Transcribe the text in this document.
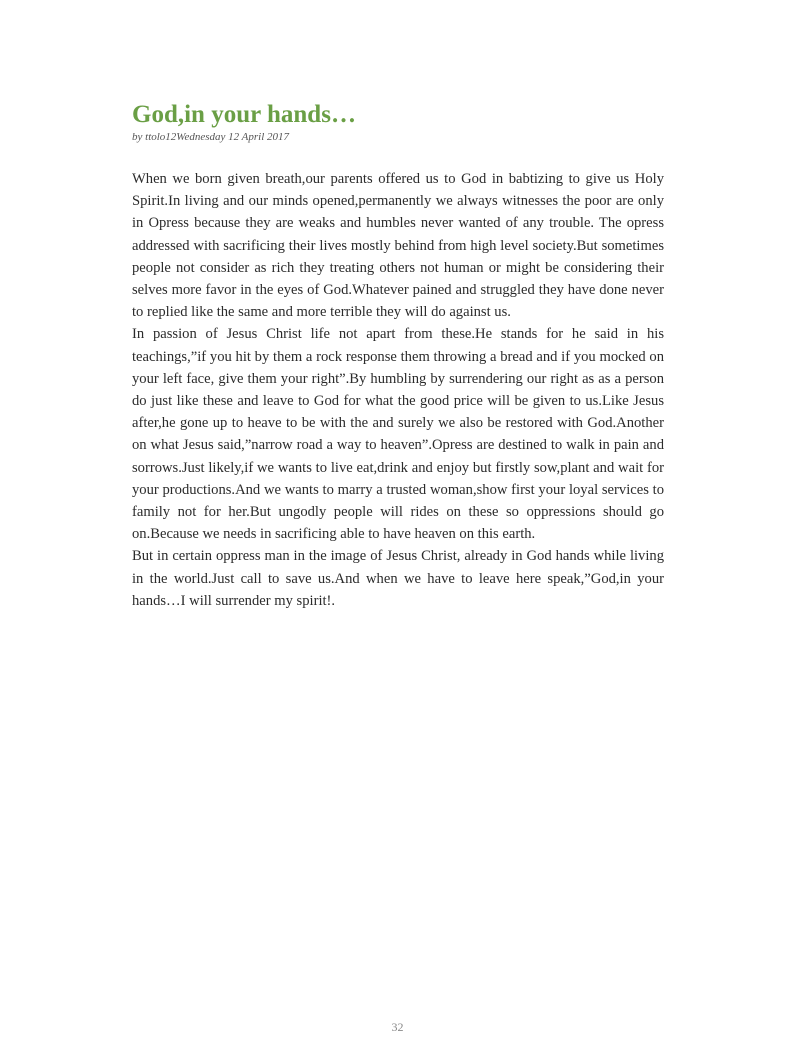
God,in your hands…
by ttolo12Wednesday 12 April 2017

When we born given breath,our parents offered us to God in babtizing to give us Holy Spirit.In living and our minds opened,permanently we always witnesses the poor are only in Opress because they are weaks and humbles never wanted of any trouble. The opress addressed with sacrificing their lives mostly behind from high level society.But sometimes people not consider as rich they treating others not human or might be considering their selves more favor in the eyes of God.Whatever pained and struggled they have done never to replied like the same and more terrible they will do against us.

In passion of Jesus Christ life not apart from these.He stands for he said in his teachings,”if you hit by them a rock response them throwing a bread and if you mocked on your left face, give them your right”.By humbling by surrendering our right as as a person do just like these and leave to God for what the good price will be given to us.Like Jesus after,he gone up to heave to be with the and surely we also be restored with God.Another on what Jesus said,”narrow road a way to heaven”.Opress are destined to walk in pain and sorrows.Just likely,if we wants to live eat,drink and enjoy but firstly sow,plant and wait for your productions.And we wants to marry a trusted woman,show first your loyal services to family not for her.But ungodly people will rides on these so oppressions should go on.Because we needs in sacrificing able to have heaven on this earth.

But in certain oppress man in the image of Jesus Christ, already in God hands while living in the world.Just call to save us.And when we have to leave here speak,”God,in your hands…I will surrender my spirit!.

32
